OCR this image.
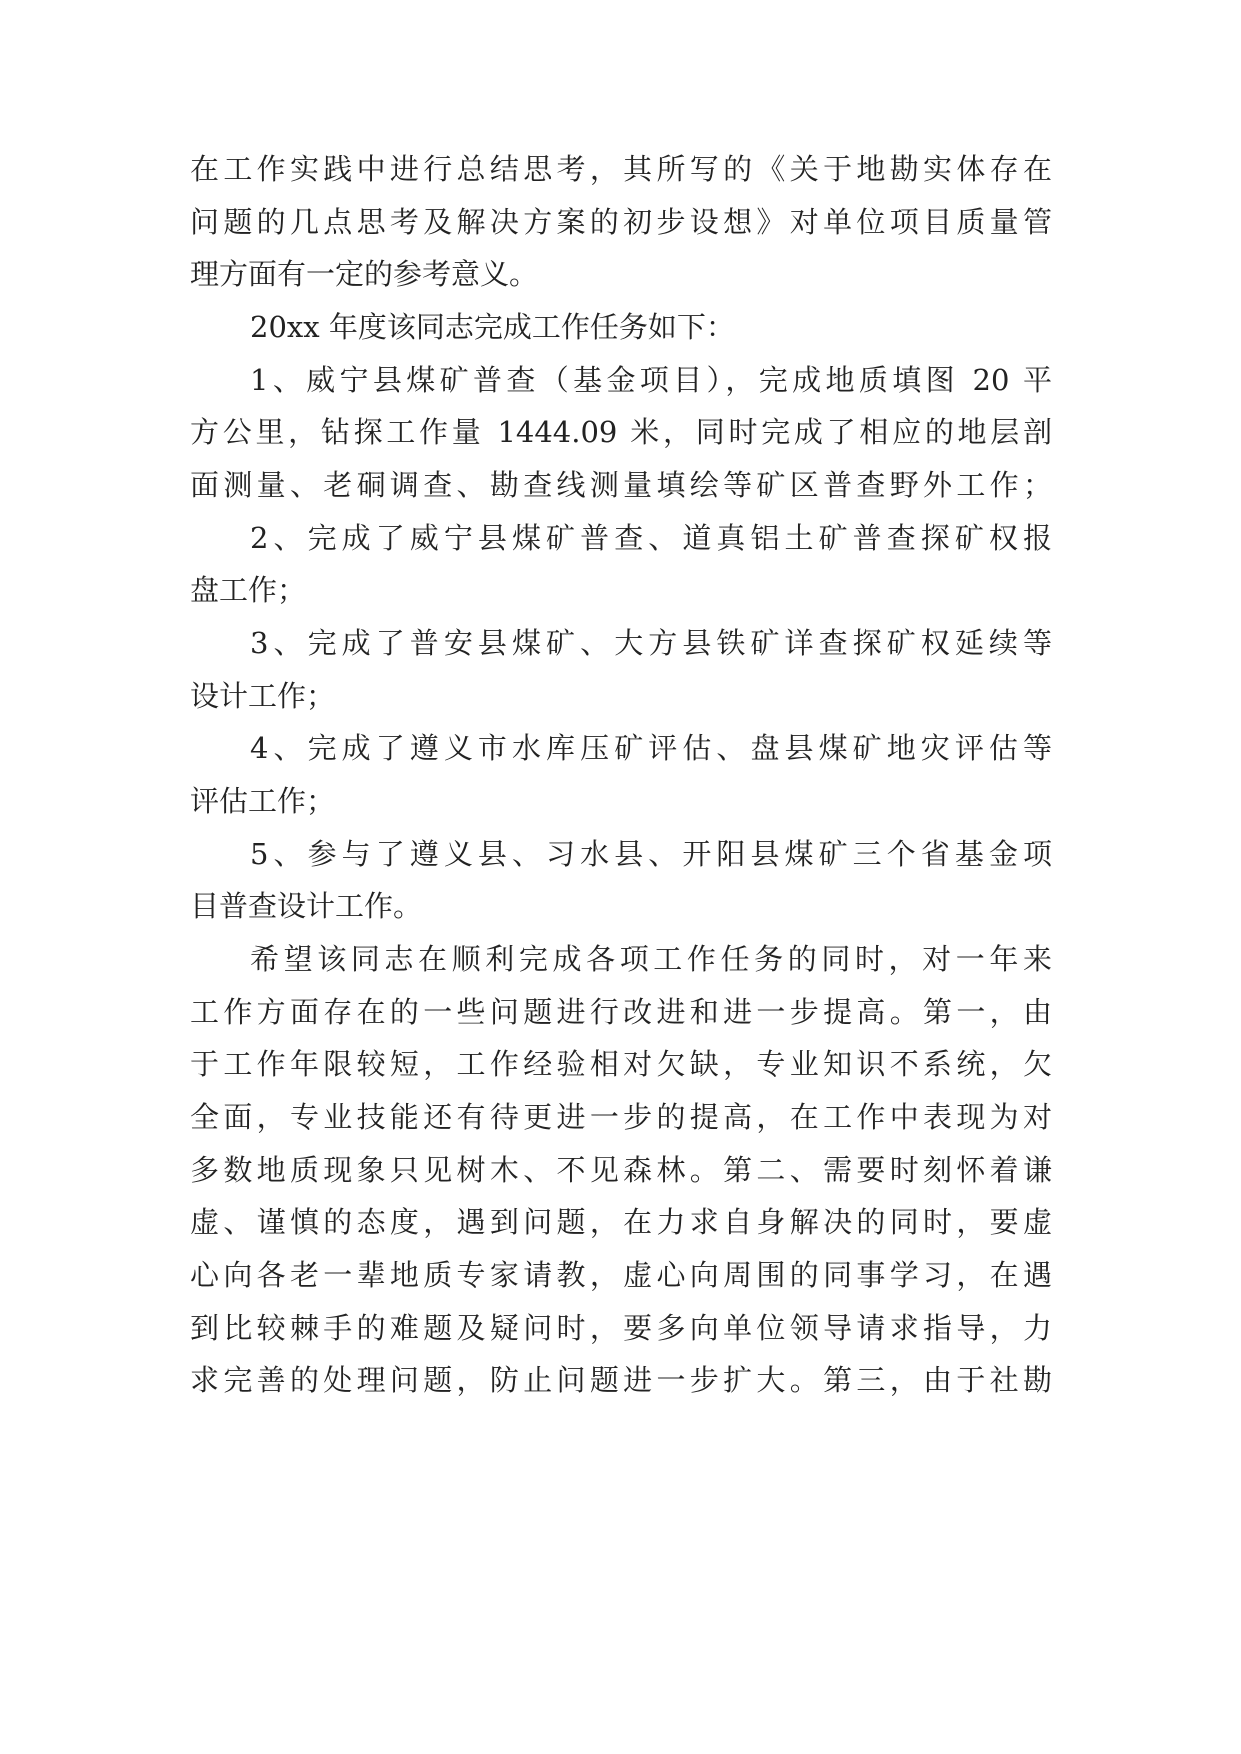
在工作实践中进行总结思考，其所写的《关于地勘实体存在
问题的几点思考及解决方案的初步设想》对单位项目质量管
理方面有一定的参考意义。
20xx 年度该同志完成工作任务如下：
1、威宁县煤矿普查（基金项目），完成地质填图 20 平
方公里，钻探工作量 1444.09 米，同时完成了相应的地层剖
面测量、老硐调查、勘查线测量填绘等矿区普查野外工作；
2、完成了威宁县煤矿普查、道真铝土矿普查探矿权报
盘工作；
3、完成了普安县煤矿、大方县铁矿详查探矿权延续等
设计工作；
4、完成了遵义市水库压矿评估、盘县煤矿地灾评估等
评估工作；
5、参与了遵义县、习水县、开阳县煤矿三个省基金项
目普查设计工作。
希望该同志在顺利完成各项工作任务的同时，对一年来
工作方面存在的一些问题进行改进和进一步提高。第一，由
于工作年限较短，工作经验相对欠缺，专业知识不系统，欠
全面，专业技能还有待更进一步的提高，在工作中表现为对
多数地质现象只见树木、不见森林。第二、需要时刻怀着谦
虚、谨慎的态度，遇到问题，在力求自身解决的同时，要虚
心向各老一辈地质专家请教，虚心向周围的同事学习，在遇
到比较棘手的难题及疑问时，要多向单位领导请求指导，力
求完善的处理问题，防止问题进一步扩大。第三，由于社勘
